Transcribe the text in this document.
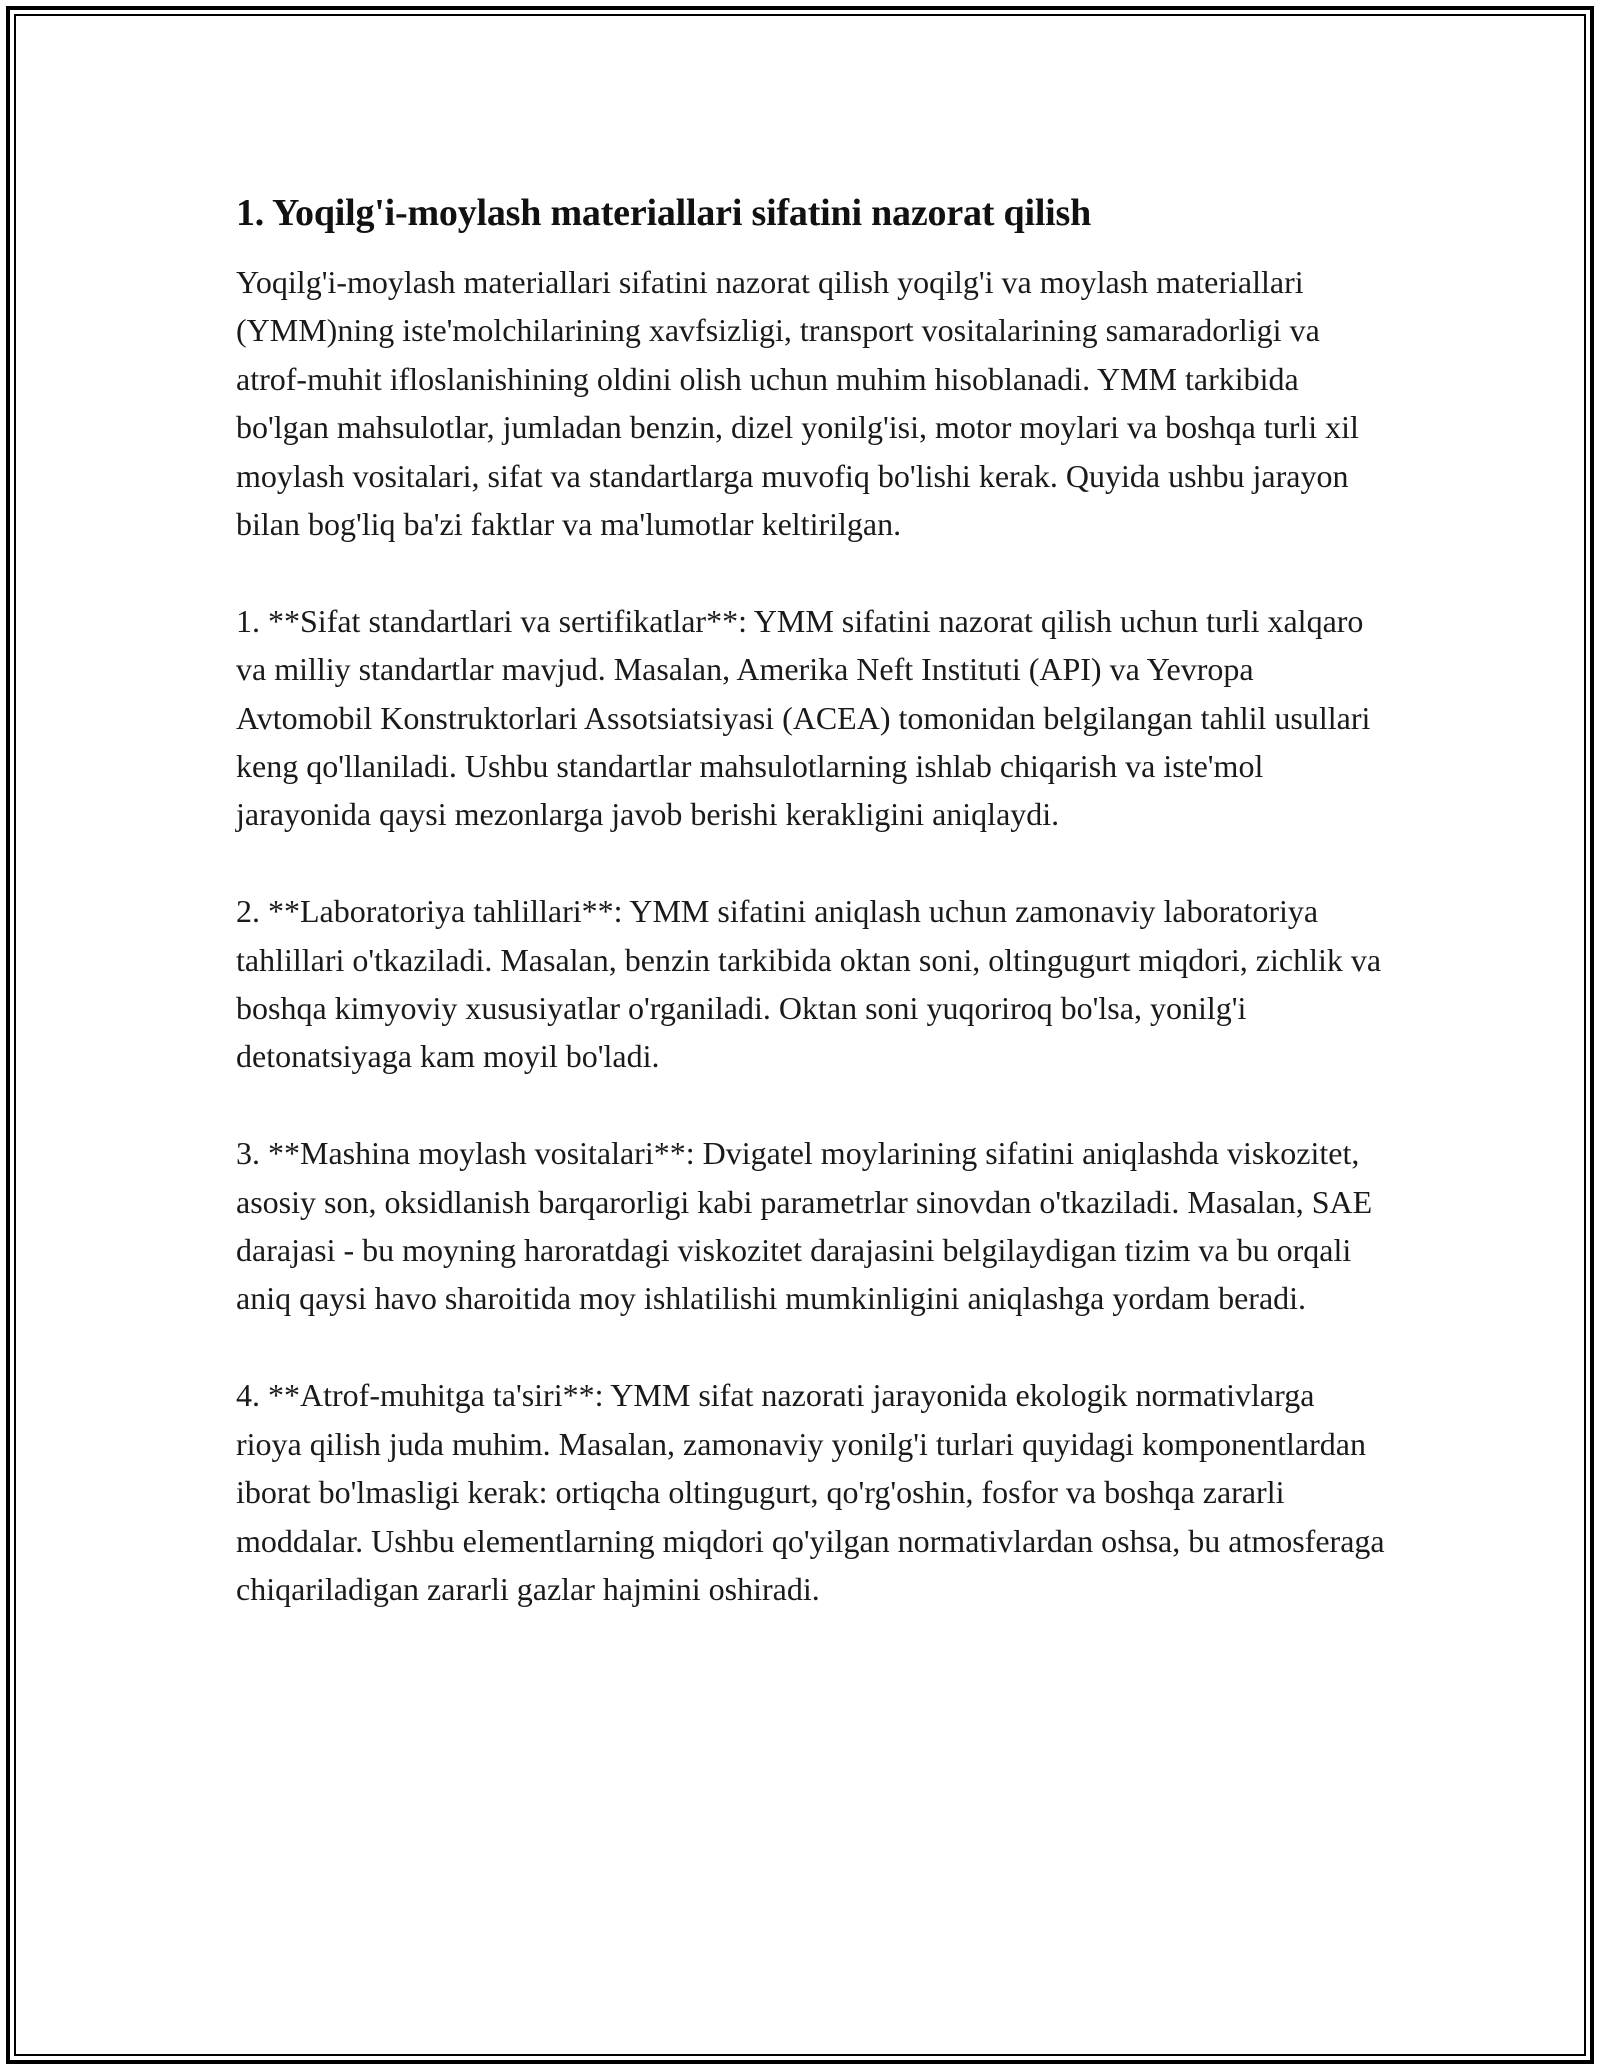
1. Yoqilg'i-moylash materiallari sifatini nazorat qilish

Yoqilg'i-moylash materiallari sifatini nazorat qilish yoqilg'i va moylash materiallari (YMM)ning iste'molchilarining xavfsizligi, transport vositalarining samaradorligi va atrof-muhit ifloslanishining oldini olish uchun muhim hisoblanadi. YMM tarkibida bo'lgan mahsulotlar, jumladan benzin, dizel yonilg'isi, motor moylari va boshqa turli xil moylash vositalari, sifat va standartlarga muvofiq bo'lishi kerak. Quyida ushbu jarayon bilan bog'liq ba'zi faktlar va ma'lumotlar keltirilgan.

1. **Sifat standartlari va sertifikatlar**: YMM sifatini nazorat qilish uchun turli xalqaro va milliy standartlar mavjud. Masalan, Amerika Neft Instituti (API) va Yevropa Avtomobil Konstruktorlari Assotsiatsiyasi (ACEA) tomonidan belgilangan tahlil usullari keng qo'llaniladi. Ushbu standartlar mahsulotlarning ishlab chiqarish va iste'mol jarayonida qaysi mezonlarga javob berishi kerakligini aniqlaydi.

2. **Laboratoriya tahlillari**: YMM sifatini aniqlash uchun zamonaviy laboratoriya tahlillari o'tkaziladi. Masalan, benzin tarkibida oktan soni, oltingugurt miqdori, zichlik va boshqa kimyoviy xususiyatlar o'rganiladi. Oktan soni yuqoriroq bo'lsa, yonilg'i detonatsiyaga kam moyil bo'ladi.

3. **Mashina moylash vositalari**: Dvigatel moylarining sifatini aniqlashda viskozitet, asosiy son, oksidlanish barqarorligi kabi parametrlar sinovdan o'tkaziladi. Masalan, SAE darajasi - bu moyning haroratdagi viskozitet darajasini belgilaydigan tizim va bu orqali aniq qaysi havo sharoitida moy ishlatilishi mumkinligini aniqlashga yordam beradi.

4. **Atrof-muhitga ta'siri**: YMM sifat nazorati jarayonida ekologik normativlarga rioya qilish juda muhim. Masalan, zamonaviy yonilg'i turlari quyidagi komponentlardan iborat bo'lmasligi kerak: ortiqcha oltingugurt, qo'rg'oshin, fosfor va boshqa zararli moddalar. Ushbu elementlarning miqdori qo'yilgan normativlardan oshsa, bu atmosferaga chiqariladigan zararli gazlar hajmini oshiradi.
